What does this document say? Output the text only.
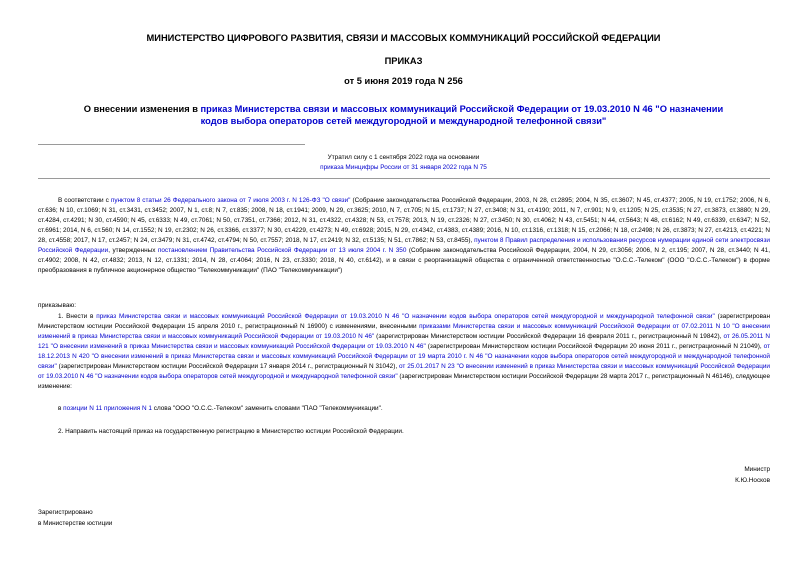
МИНИСТЕРСТВО ЦИФРОВОГО РАЗВИТИЯ, СВЯЗИ И МАССОВЫХ КОММУНИКАЦИЙ РОССИЙСКОЙ ФЕДЕРАЦИИ
ПРИКАЗ
от 5 июня 2019 года N 256
О внесении изменения в приказ Министерства связи и массовых коммуникаций Российской Федерации от 19.03.2010 N 46 "О назначении кодов выбора операторов сетей междугородной и международной телефонной связи"
Утратил силу с 1 сентября 2022 года на основании
приказа Минцифры России от 31 января 2022 года N 75
В соответствии с пунктом 8 статьи 26 Федерального закона от 7 июля 2003 г. N 126-ФЗ "О связи" (Собрание законодательства Российской Федерации, 2003, N 28, ст.2895; 2004, N 35, ст.3607; N 45, ст.4377; 2005, N 19, ст.1752; 2006, N 6, ст.636; N 10, ст.1069; N 31, ст.3431, ст.3452; 2007, N 1, ст.8; N 7, ст.835; 2008, N 18, ст.1941; 2009, N 29, ст.3625; 2010, N 7, ст.705; N 15, ст.1737; N 27, ст.3408; N 31, ст.4190; 2011, N 7, ст.901; N 9, ст.1205; N 25, ст.3535; N 27, ст.3873, ст.3880; N 29, ст.4284, ст.4291; N 30, ст.4590; N 45, ст.6333; N 49, ст.7061; N 50, ст.7351, ст.7366; 2012, N 31, ст.4322, ст.4328; N 53, ст.7578; 2013, N 19, ст.2326; N 27, ст.3450; N 30, ст.4062; N 43, ст.5451; N 44, ст.5643; N 48, ст.6162; N 49, ст.6339, ст.6347; N 52, ст.6961; 2014, N 6, ст.560; N 14, ст.1552; N 19, ст.2302; N 26, ст.3366, ст.3377; N 30, ст.4229, ст.4273; N 49, ст.6928; 2015, N 29, ст.4342, ст.4383, ст.4389; 2016, N 10, ст.1316, ст.1318; N 15, ст.2066; N 18, ст.2498; N 26, ст.3873; N 27, ст.4213, ст.4221; N 28, ст.4558; 2017, N 17, ст.2457; N 24, ст.3479; N 31, ст.4742, ст.4794; N 50, ст.7557; 2018, N 17, ст.2419; N 32, ст.5135; N 51, ст.7862; N 53, ст.8455), пунктом 8 Правил распределения и использования ресурсов нумерации единой сети электросвязи Российской Федерации, утвержденных постановлением Правительства Российской Федерации от 13 июля 2004 г. N 350 (Собрание законодательства Российской Федерации, 2004, N 29, ст.3056; 2006, N 2, ст.195; 2007, N 28, ст.3440; N 41, ст.4902; 2008, N 42, ст.4832; 2013, N 12, ст.1331; 2014, N 28, ст.4064; 2016, N 23, ст.3330; 2018, N 40, ст.6142), и в связи с реорганизацией общества с ограниченной ответственностью "О.С.С.-Телеком" (ООО "О.С.С.-Телеком") в форме преобразования в публичное акционерное общество "Телекоммуникации" (ПАО "Телекоммуникации")
приказываю:
1. Внести в приказ Министерства связи и массовых коммуникаций Российской Федерации от 19.03.2010 N 46 "О назначении кодов выбора операторов сетей междугородной и международной телефонной связи" (зарегистрирован Министерством юстиции Российской Федерации 15 апреля 2010 г., регистрационный N 16900) с изменениями, внесенными приказами Министерства связи и массовых коммуникаций Российской Федерации от 07.02.2011 N 10 "О внесении изменений в приказ Министерства связи и массовых коммуникаций Российской Федерации от 19.03.2010 N 46" (зарегистрирован Министерством юстиции Российской Федерации 16 февраля 2011 г., регистрационный N 19842), от 26.05.2011 N 121 "О внесении изменений в приказ Министерства связи и массовых коммуникаций Российской Федерации от 19.03.2010 N 46" (зарегистрирован Министерством юстиции Российской Федерации 20 июня 2011 г., регистрационный N 21049), от 18.12.2013 N 420 "О внесении изменений в приказ Министерства связи и массовых коммуникаций Российской Федерации от 19 марта 2010 г. N 46 "О назначении кодов выбора операторов сетей междугородной и международной телефонной связи" (зарегистрирован Министерством юстиции Российской Федерации 17 января 2014 г., регистрационный N 31042), от 25.01.2017 N 23 "О внесении изменений в приказ Министерства связи и массовых коммуникаций Российской Федерации от 19.03.2010 N 46 "О назначении кодов выбора операторов сетей междугородной и международной телефонной связи" (зарегистрирован Министерством юстиции Российской Федерации 28 марта 2017 г., регистрационный N 46146), следующее изменение:
в позиции N 11 приложения N 1 слова "ООО "О.С.С.-Телеком" заменить словами "ПАО "Телекоммуникации".
2. Направить настоящий приказ на государственную регистрацию в Министерство юстиции Российской Федерации.
Министр
К.Ю.Носков
Зарегистрировано
в Министерстве юстиции
